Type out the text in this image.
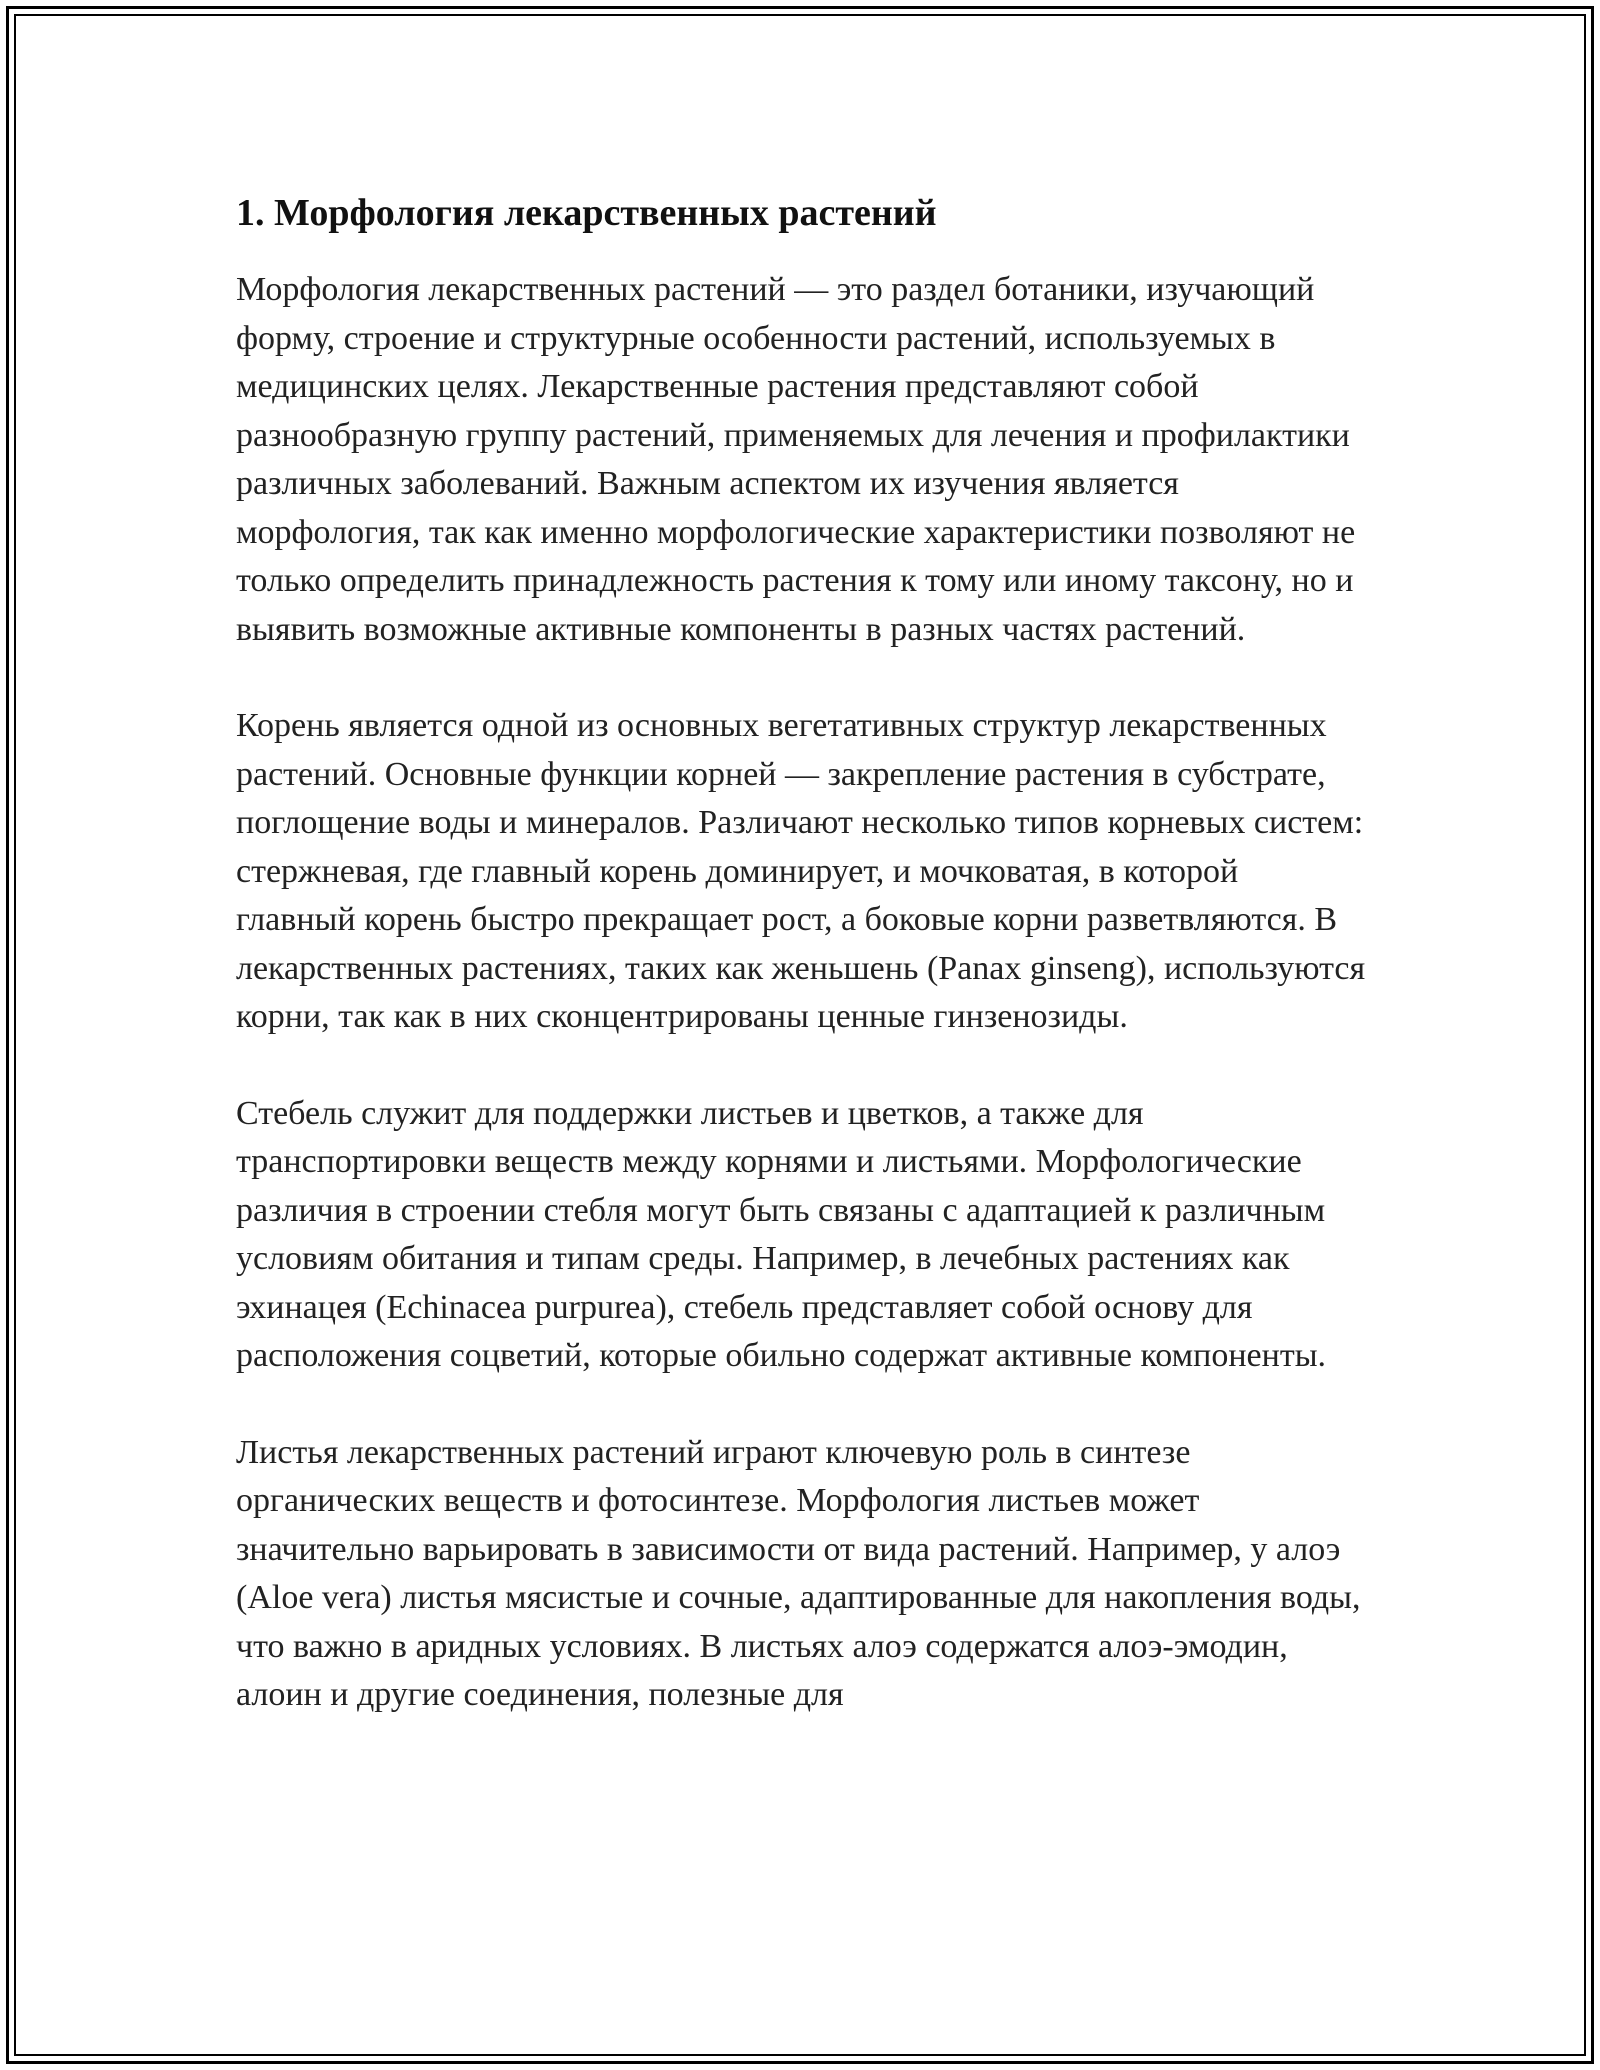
1. Морфология лекарственных растений

Морфология лекарственных растений — это раздел ботаники, изучающий форму, строение и структурные особенности растений, используемых в медицинских целях. Лекарственные растения представляют собой разнообразную группу растений, применяемых для лечения и профилактики различных заболеваний. Важным аспектом их изучения является морфология, так как именно морфологические характеристики позволяют не только определить принадлежность растения к тому или иному таксону, но и выявить возможные активные компоненты в разных частях растений.

Корень является одной из основных вегетативных структур лекарственных растений. Основные функции корней — закрепление растения в субстрате, поглощение воды и минералов. Различают несколько типов корневых систем: стержневая, где главный корень доминирует, и мочковатая, в которой главный корень быстро прекращает рост, а боковые корни разветвляются. В лекарственных растениях, таких как женьшень (Panax ginseng), используются корни, так как в них сконцентрированы ценные гинзенозиды.

Стебель служит для поддержки листьев и цветков, а также для транспортировки веществ между корнями и листьями. Морфологические различия в строении стебля могут быть связаны с адаптацией к различным условиям обитания и типам среды. Например, в лечебных растениях как эхинацея (Echinacea purpurea), стебель представляет собой основу для расположения соцветий, которые обильно содержат активные компоненты.

Листья лекарственных растений играют ключевую роль в синтезе органических веществ и фотосинтезе. Морфология листьев может значительно варьировать в зависимости от вида растений. Например, у алоэ (Aloe vera) листья мясистые и сочные, адаптированные для накопления воды, что важно в аридных условиях. В листьях алоэ содержатся алоэ-эмодин, алоин и другие соединения, полезные для
